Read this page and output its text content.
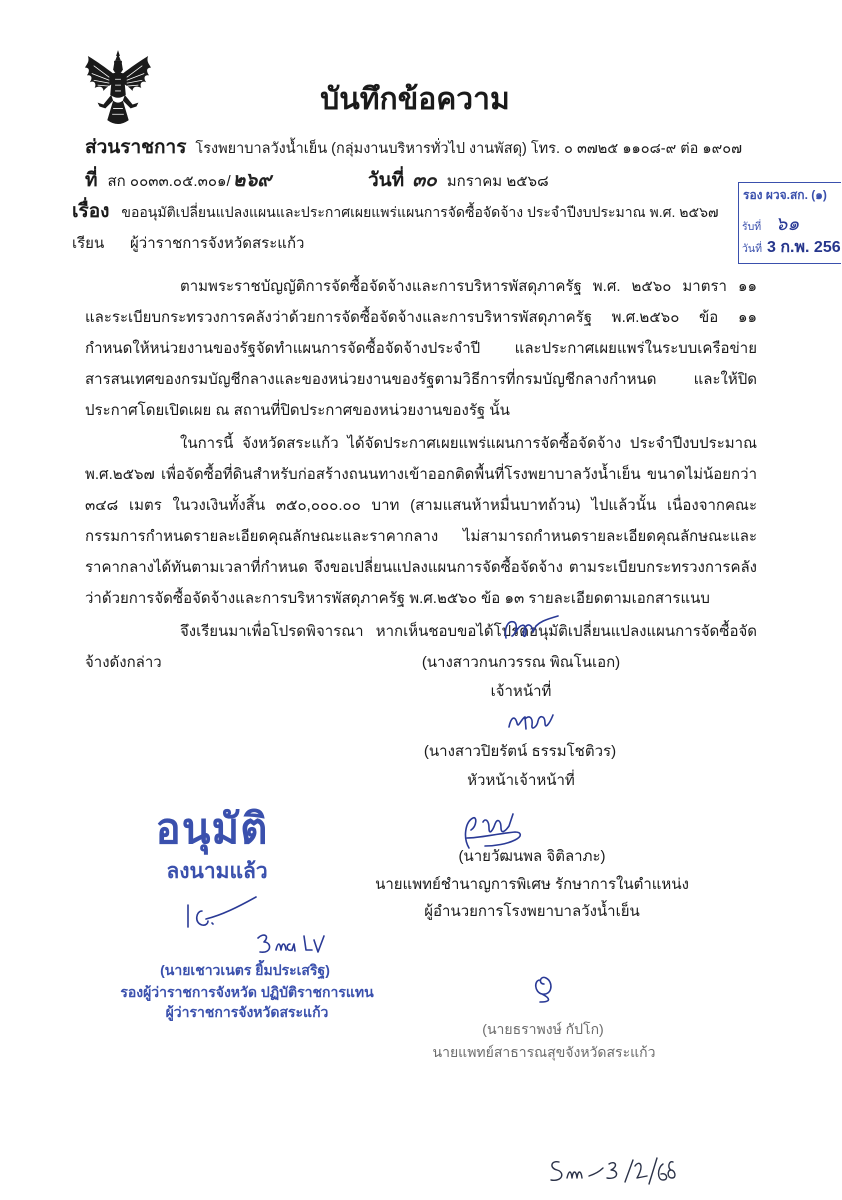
บันทึกข้อความ
ส่วนราชการ โรงพยาบาลวังน้ำเย็น (กลุ่มงานบริหารทั่วไป งานพัสดุ) โทร. ๐ ๓๗๒๕ ๑๑๐๘-๙ ต่อ ๑๙๐๗
ที่ สก ๐๐๓๓.๐๕.๓๐๑/ ๒๖๙	วันที่ ๓๐ มกราคม ๒๕๖๘
เรื่อง ขออนุมัติเปลี่ยนแปลงแผนและประกาศเผยแพร่แผนการจัดซื้อจัดจ้าง ประจำปีงบประมาณ พ.ศ. ๒๕๖๗
เรียน	ผู้ว่าราชการจังหวัดสระแก้ว

ตามพระราชบัญญัติการจัดซื้อจัดจ้างและการบริหารพัสดุภาครัฐ พ.ศ. ๒๕๖๐ มาตรา ๑๑ และระเบียบกระทรวงการคลังว่าด้วยการจัดซื้อจัดจ้างและการบริหารพัสดุภาครัฐ พ.ศ.๒๕๖๐ ข้อ ๑๑ กำหนดให้หน่วยงานของรัฐจัดทำแผนการจัดซื้อจัดจ้างประจำปี และประกาศเผยแพร่ในระบบเครือข่ายสารสนเทศของกรมบัญชีกลางและของหน่วยงานของรัฐตามวิธีการที่กรมบัญชีกลางกำหนด และให้ปิดประกาศโดยเปิดเผย ณ สถานที่ปิดประกาศของหน่วยงานของรัฐ นั้น

ในการนี้ จังหวัดสระแก้ว ได้จัดประกาศเผยแพร่แผนการจัดซื้อจัดจ้าง ประจำปีงบประมาณ พ.ศ.๒๕๖๗ เพื่อจัดซื้อที่ดินสำหรับก่อสร้างถนนทางเข้าออกติดพื้นที่โรงพยาบาลวังน้ำเย็น ขนาดไม่น้อยกว่า ๓๔๘ เมตร ในวงเงินทั้งสิ้น ๓๕๐,๐๐๐.๐๐ บาท (สามแสนห้าหมื่นบาทถ้วน) ไปแล้วนั้น เนื่องจากคณะกรรมการกำหนดรายละเอียดคุณลักษณะและราคากลาง ไม่สามารถกำหนดรายละเอียดคุณลักษณะและราคากลางได้ทันตามเวลาที่กำหนด จึงขอเปลี่ยนแปลงแผนการจัดซื้อจัดจ้าง ตามระเบียบกระทรวงการคลังว่าด้วยการจัดซื้อจัดจ้างและการบริหารพัสดุภาครัฐ พ.ศ.๒๕๖๐ ข้อ ๑๓ รายละเอียดตามเอกสารแนบ

จึงเรียนมาเพื่อโปรดพิจารณา หากเห็นชอบขอได้โปรดอนุมัติเปลี่ยนแปลงแผนการจัดซื้อจัดจ้างดังกล่าว

รอง ผวจ.สก. (๑)
รับที่ ๖๑
วันที่ 3 ก.พ. 256
(นางสาวกนกวรรณ พิณโนเอก)
เจ้าหน้าที่
(นางสาวปิยรัตน์ ธรรมโชติวร)
หัวหน้าเจ้าหน้าที่
(นายวัฒนพล จิติลาภะ)
นายแพทย์ชำนาญการพิเศษ รักษาการในตำแหน่ง
ผู้อำนวยการโรงพยาบาลวังน้ำเย็น
อนุมัติ
ลงนามแล้ว
(นายเชาวเนตร ยิ้มประเสริฐ)
รองผู้ว่าราชการจังหวัด ปฏิบัติราชการแทน
ผู้ว่าราชการจังหวัดสระแก้ว
(นายธราพงษ์ กัปโก)
นายแพทย์สาธารณสุขจังหวัดสระแก้ว
